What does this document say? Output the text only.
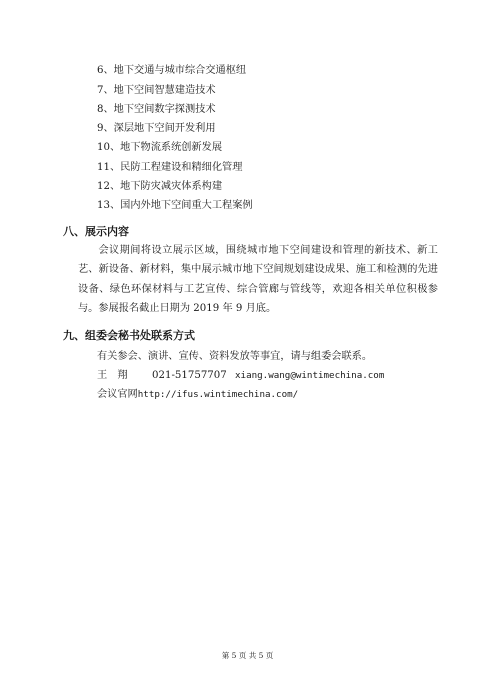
6、地下交通与城市综合交通枢纽
7、地下空间智慧建造技术
8、地下空间数字探测技术
9、深层地下空间开发利用
10、地下物流系统创新发展
11、民防工程建设和精细化管理
12、地下防灾减灾体系构建
13、国内外地下空间重大工程案例
八、展示内容
会议期间将设立展示区域，围绕城市地下空间建设和管理的新技术、新工艺、新设备、新材料，集中展示城市地下空间规划建设成果、施工和检测的先进设备、绿色环保材料与工艺宣传、综合管廊与管线等，欢迎各相关单位积极参与。参展报名截止日期为 2019 年 9 月底。
九、组委会秘书处联系方式
有关参会、演讲、宣传、资料发放等事宜，请与组委会联系。
王　翔 021-51757707 xiang.wang@wintimechina.com
会议官网http://ifus.wintimechina.com/
第 5 页 共 5 页
